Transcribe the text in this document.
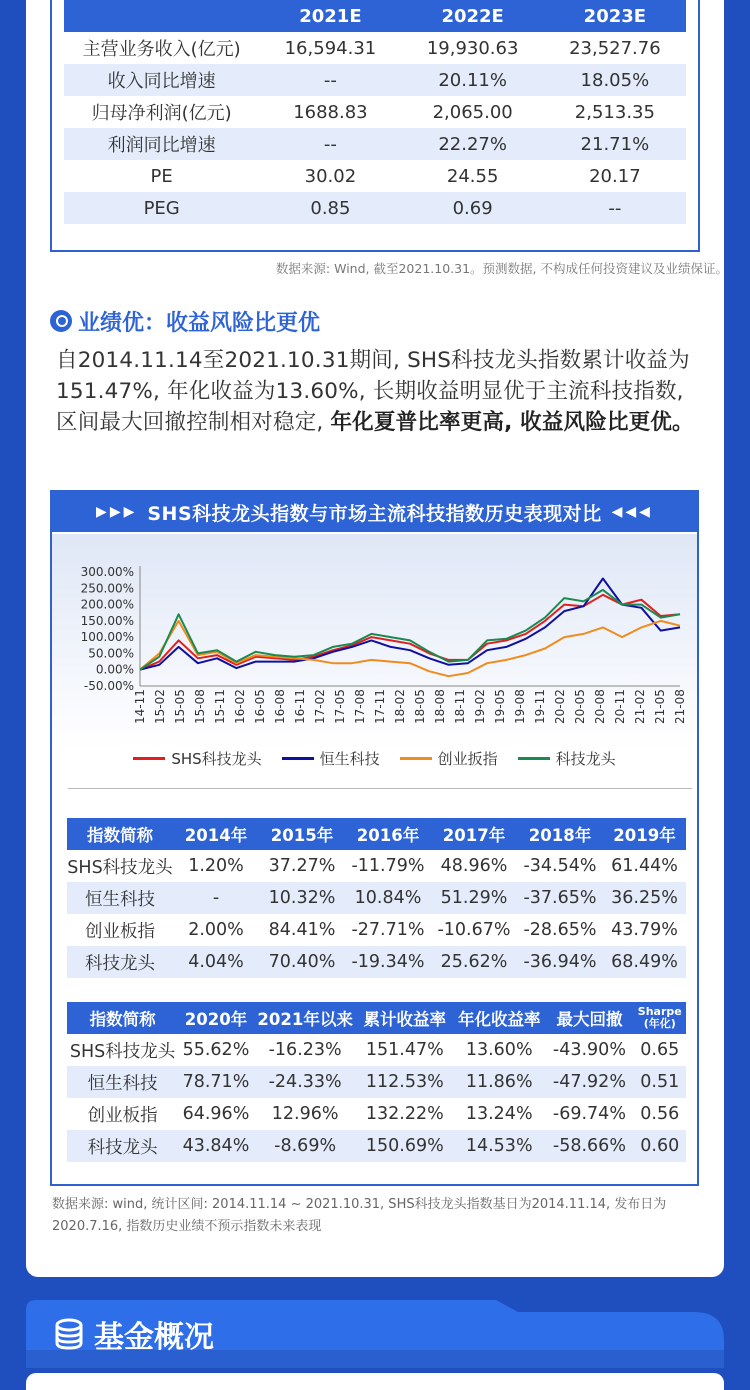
	2021E	2022E	2023E
主营业务收入(亿元)	16,594.31	19,930.63	23,527.76
收入同比增速	--	20.11%	18.05%
归母净利润(亿元)	1688.83	2,065.00	2,513.35
利润同比增速	--	22.27%	21.71%
PE	30.02	24.55	20.17
PEG	0.85	0.69	--
数据来源: Wind, 截至2021.10.31。预测数据, 不构成任何投资建议及业绩保证。
业绩优：收益风险比更优
自2014.11.14至2021.10.31期间, SHS科技龙头指数累计收益为151.47%, 年化收益为13.60%, 长期收益明显优于主流科技指数, 区间最大回撤控制相对稳定, 年化夏普比率更高, 收益风险比更优。
▶▶▶ SHS科技龙头指数与市场主流科技指数历史表现对比 ◀◀◀
300.00%
250.00%
200.00%
150.00%
100.00%
50.00%
0.00%
-50.00%
14-11 15-02 15-05 15-08 15-11 16-02 16-05 16-08 16-11 17-02 17-05 17-08 17-11 18-02 18-05 18-08 18-11 19-02 19-05 19-08 19-11 20-02 20-05 20-08 20-11 21-02 21-05 21-08
SHS科技龙头	恒生科技	创业扳指	科技龙头
指数简称	2014年	2015年	2016年	2017年	2018年	2019年
SHS科技龙头	1.20%	37.27%	-11.79%	48.96%	-34.54%	61.44%
恒生科技	-	10.32%	10.84%	51.29%	-37.65%	36.25%
创业板指	2.00%	84.41%	-27.71%	-10.67%	-28.65%	43.79%
科技龙头	4.04%	70.40%	-19.34%	25.62%	-36.94%	68.49%
指数简称	2020年	2021年以来	累计收益率	年化收益率	最大回撤	Sharpe
(年化)

SHS科技龙头	55.62%	-16.23%	151.47%	13.60%	-43.90%	0.65
恒生科技	78.71%	-24.33%	112.53%	11.86%	-47.92%	0.51
创业板指	64.96%	12.96%	132.22%	13.24%	-69.74%	0.56
科技龙头	43.84%	-8.69%	150.69%	14.53%	-58.66%	0.60
数据来源: wind, 统计区间: 2014.11.14 ~ 2021.10.31, SHS科技龙头指数基日为2014.11.14, 发布日为2020.7.16, 指数历史业绩不预示指数未来表现
基金概况
